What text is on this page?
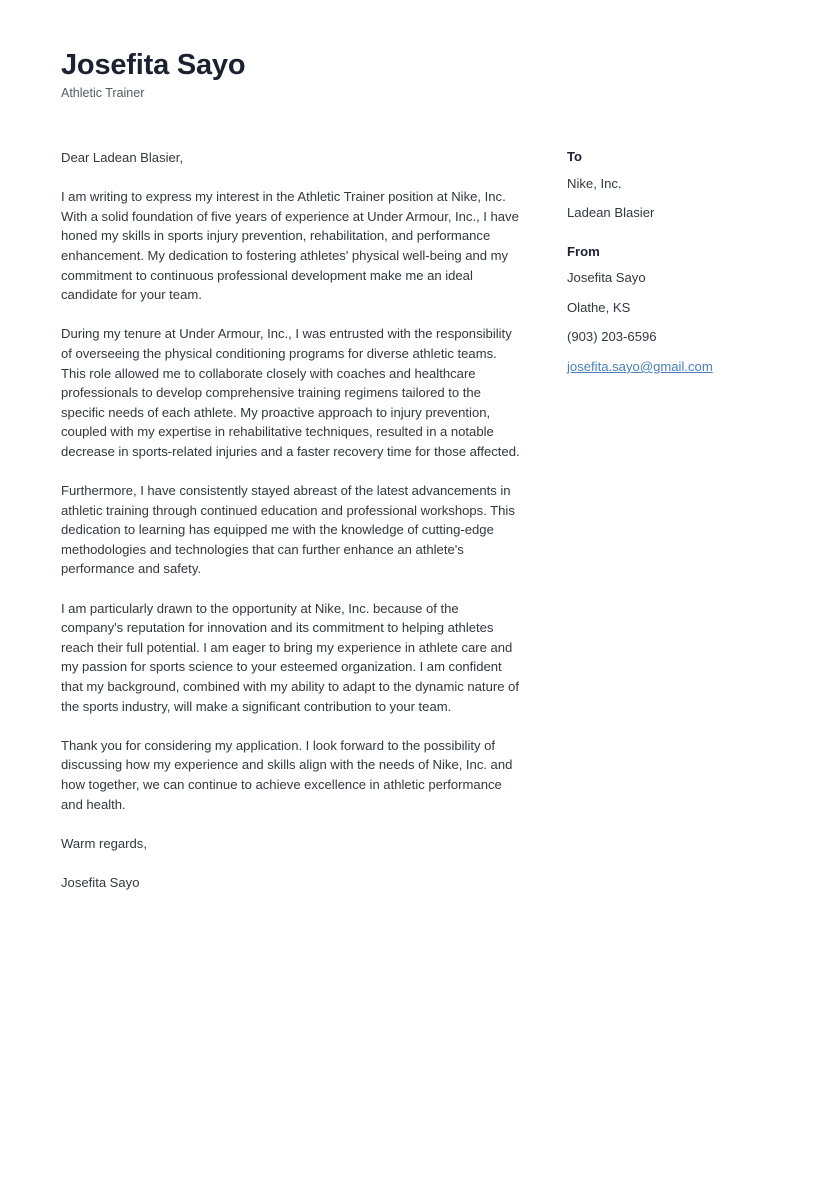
Josefita Sayo

Athletic Trainer

Dear Ladean Blasier,

I am writing to express my interest in the Athletic Trainer position at Nike, Inc. With a solid foundation of five years of experience at Under Armour, Inc., I have honed my skills in sports injury prevention, rehabilitation, and performance enhancement. My dedication to fostering athletes' physical well-being and my commitment to continuous professional development make me an ideal candidate for your team.

During my tenure at Under Armour, Inc., I was entrusted with the responsibility of overseeing the physical conditioning programs for diverse athletic teams. This role allowed me to collaborate closely with coaches and healthcare professionals to develop comprehensive training regimens tailored to the specific needs of each athlete. My proactive approach to injury prevention, coupled with my expertise in rehabilitative techniques, resulted in a notable decrease in sports-related injuries and a faster recovery time for those affected.

Furthermore, I have consistently stayed abreast of the latest advancements in athletic training through continued education and professional workshops. This dedication to learning has equipped me with the knowledge of cutting-edge methodologies and technologies that can further enhance an athlete's performance and safety.

I am particularly drawn to the opportunity at Nike, Inc. because of the company's reputation for innovation and its commitment to helping athletes reach their full potential. I am eager to bring my experience in athlete care and my passion for sports science to your esteemed organization. I am confident that my background, combined with my ability to adapt to the dynamic nature of the sports industry, will make a significant contribution to your team.

Thank you for considering my application. I look forward to the possibility of discussing how my experience and skills align with the needs of Nike, Inc. and how together, we can continue to achieve excellence in athletic performance and health.

Warm regards,

Josefita Sayo

To
Nike, Inc.
Ladean Blasier
From
Josefita Sayo
Olathe, KS
(903) 203-6596
josefita.sayo@gmail.com
